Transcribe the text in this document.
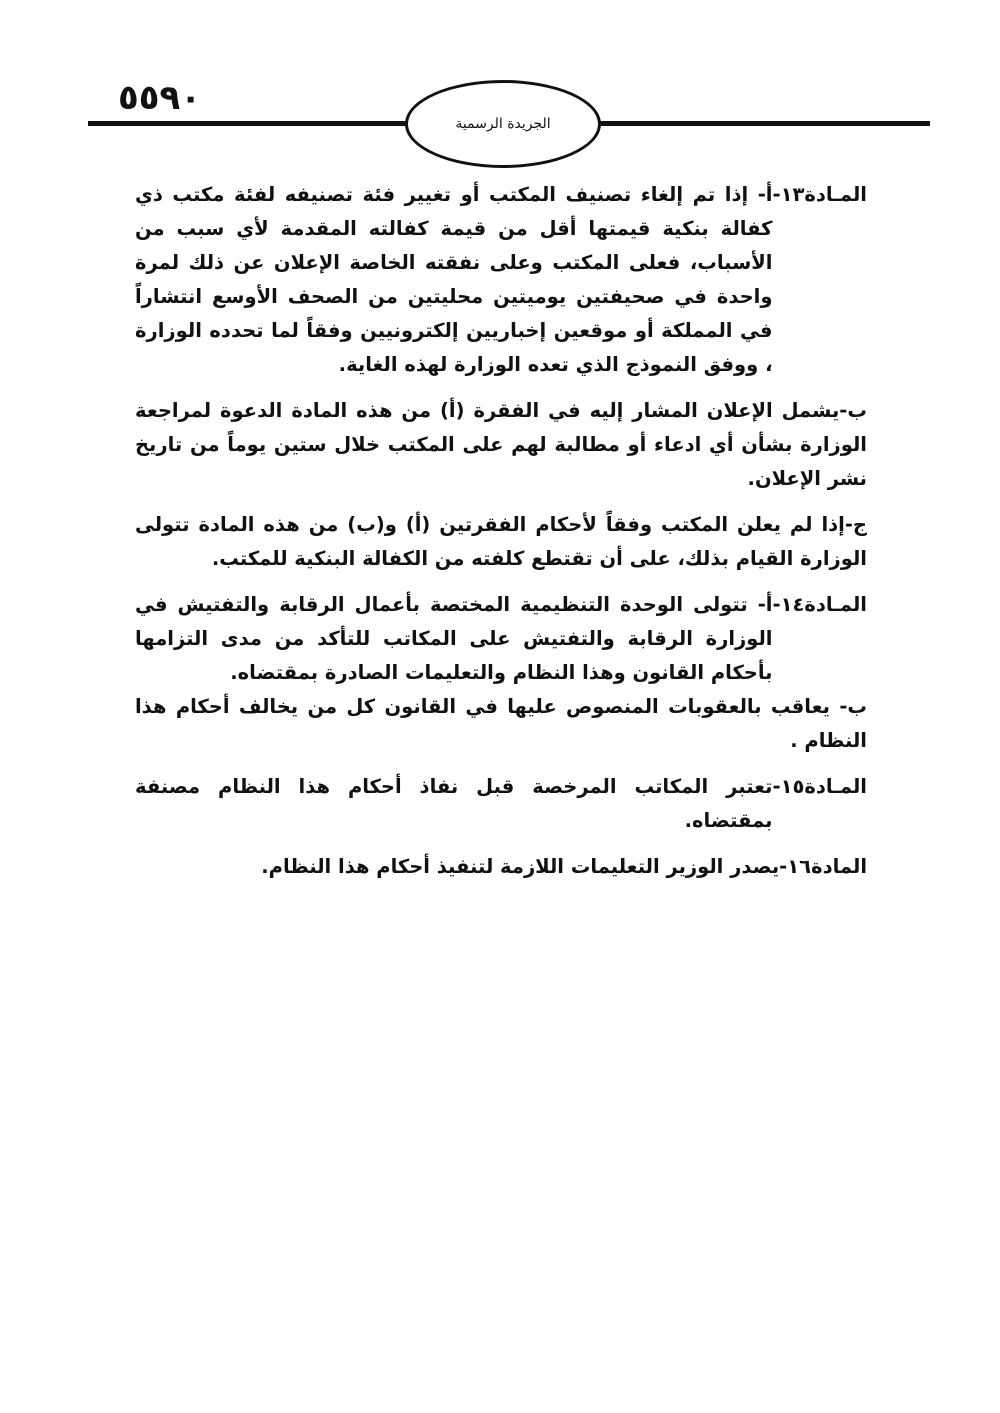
٥٥٩٠
الجريدة الرسمية
المـادة١٣-
أ- إذا تم إلغاء تصنيف المكتب أو تغيير فئة تصنيفه لفئة مكتب ذي كفالة بنكية قيمتها أقل من قيمة كفالته المقدمة لأي سبب من الأسباب، فعلى المكتب وعلى نفقته الخاصة الإعلان عن ذلك لمرة واحدة في صحيفتين يوميتين محليتين من الصحف الأوسع انتشاراً في المملكة أو موقعين إخباريين إلكترونيين وفقاً لما تحدده الوزارة ، ووفق النموذج الذي تعده الوزارة لهذه الغاية.
ب-يشمل الإعلان المشار إليه في الفقرة (أ) من هذه المادة الدعوة لمراجعة الوزارة بشأن أي ادعاء أو مطالبة لهم على المكتب خلال ستين يوماً من تاريخ نشر الإعلان.
ج-إذا لم يعلن المكتب وفقاً لأحكام الفقرتين (أ) و(ب) من هذه المادة تتولى الوزارة القيام بذلك، على أن تقتطع كلفته من الكفالة البنكية للمكتب.
المـادة١٤-
أ- تتولى الوحدة التنظيمية المختصة بأعمال الرقابة والتفتيش في الوزارة الرقابة والتفتيش على المكاتب للتأكد من مدى التزامها بأحكام القانون وهذا النظام والتعليمات الصادرة بمقتضاه.
ب- يعاقب بالعقوبات المنصوص عليها في القانون كل من يخالف أحكام هذا النظام .
المـادة١٥-
تعتبر المكاتب المرخصة قبل نفاذ أحكام هذا النظام مصنفة بمقتضاه.
المادة١٦-
يصدر الوزير التعليمات اللازمة لتنفيذ أحكام هذا النظام.
